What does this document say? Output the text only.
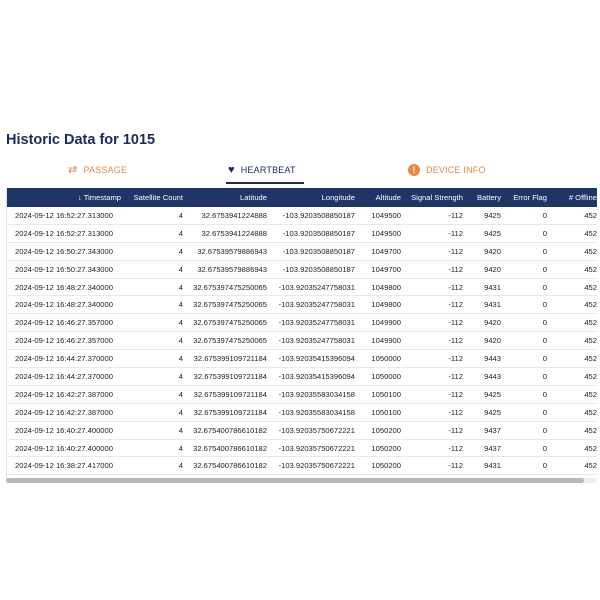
Historic Data for 1015
⇄ PASSAGE	♥ HEARTBEAT	!	DEVICE INFO
↓ Timestamp	Satellite Count	Latitude	Longitude	Altitude	Signal Strength	Battery	Error Flag	# Offline
2024-09-12 16:52:27.313000	4	32.6753941224888	-103.9203508850187	1049500	-112	9425	0	452
2024-09-12 16:52:27.313000	4	32.6753941224888	-103.9203508850187	1049500	-112	9425	0	452
2024-09-12 16:50:27.343000	4	32.67539579886943	-103.9203508850187	1049700	-112	9420	0	452
2024-09-12 16:50:27.343000	4	32.67539579886943	-103.9203508850187	1049700	-112	9420	0	452
2024-09-12 16:48:27.340000	4	32.675397475250065	-103.92035247758031	1049800	-112	9431	0	452
2024-09-12 16:48:27.340000	4	32.675397475250065	-103.92035247758031	1049800	-112	9431	0	452
2024-09-12 16:46:27.357000	4	32.675397475250065	-103.92035247758031	1049900	-112	9420	0	452
2024-09-12 16:46:27.357000	4	32.675397475250065	-103.92035247758031	1049900	-112	9420	0	452
2024-09-12 16:44:27.370000	4	32.675399109721184	-103.920354153960​94	1050000	-112	9443	0	452
2024-09-12 16:44:27.370000	4	32.675399109721184	-103.92035415396094	1050000	-112	9443	0	452
2024-09-12 16:42:27.387000	4	32.675399109721184	-103.92035583034158	1050100	-112	9425	0	452
2024-09-12 16:42:27.387000	4	32.675399109721184	-103.92035583034158	1050100	-112	9425	0	452
2024-09-12 16:40:27.400000	4	32.675400786610182	-103.92035750672221	1050200	-112	9437	0	452
2024-09-12 16:40:27.400000	4	32.675400786610182	-103.92035750672221	1050200	-112	9437	0	452
2024-09-12 16:38:27.417000	4	32.675400786610182	-103.92035750672221	1050200	-112	9431	0	452
